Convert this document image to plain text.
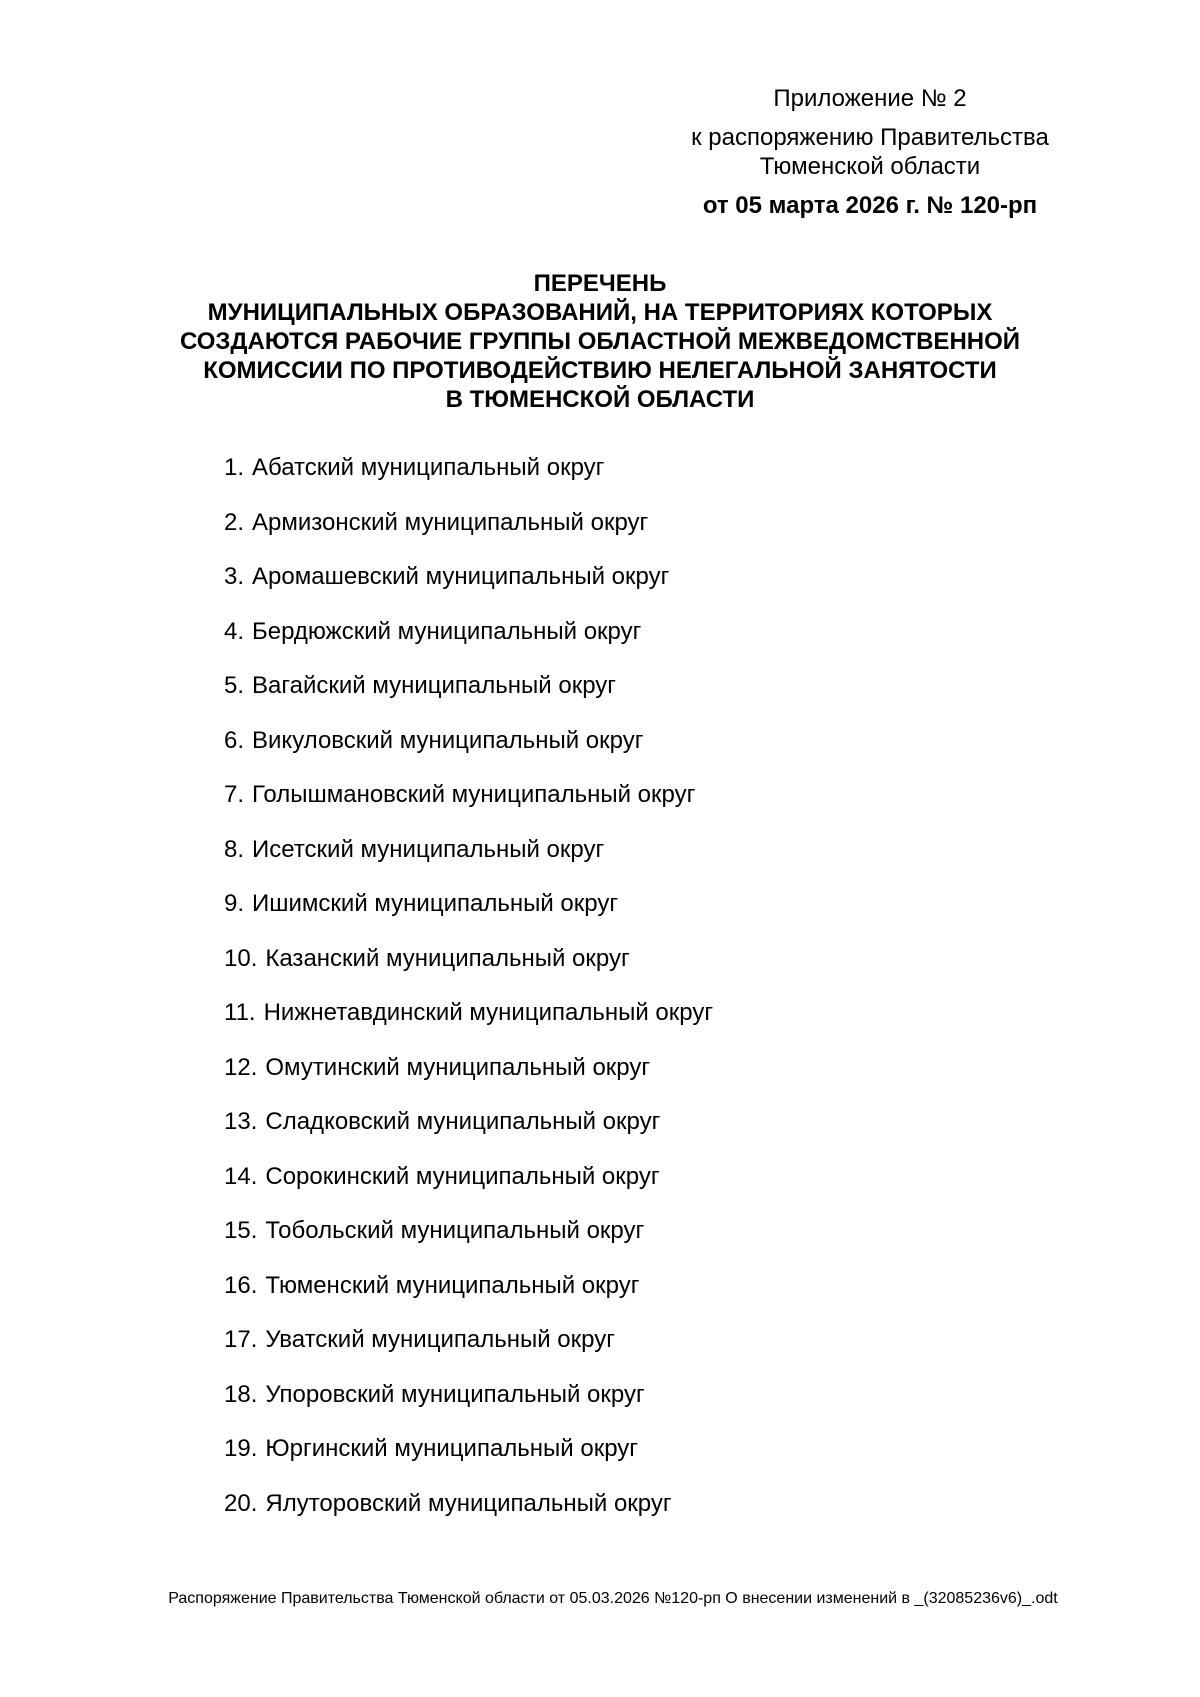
Приложение № 2
к распоряжению Правительства
Тюменской области
от 05 марта 2026 г. № 120-рп
ПЕРЕЧЕНЬ
МУНИЦИПАЛЬНЫХ ОБРАЗОВАНИЙ, НА ТЕРРИТОРИЯХ КОТОРЫХ
СОЗДАЮТСЯ РАБОЧИЕ ГРУППЫ ОБЛАСТНОЙ МЕЖВЕДОМСТВЕННОЙ
КОМИССИИ ПО ПРОТИВОДЕЙСТВИЮ НЕЛЕГАЛЬНОЙ ЗАНЯТОСТИ
В ТЮМЕНСКОЙ ОБЛАСТИ
1. Абатский муниципальный округ
2. Армизонский муниципальный округ
3. Аромашевский муниципальный округ
4. Бердюжский муниципальный округ
5. Вагайский муниципальный округ
6. Викуловский муниципальный округ
7. Голышмановский муниципальный округ
8. Исетский муниципальный округ
9. Ишимский муниципальный округ
10. Казанский муниципальный округ
11. Нижнетавдинский муниципальный округ
12. Омутинский муниципальный округ
13. Сладковский муниципальный округ
14. Сорокинский муниципальный округ
15. Тобольский муниципальный округ
16. Тюменский муниципальный округ
17. Уватский муниципальный округ
18. Упоровский муниципальный округ
19. Юргинский муниципальный округ
20. Ялуторовский муниципальный округ
Распоряжение Правительства Тюменской области от 05.03.2026 №120-рп О внесении изменений в _(32085236v6)_.odt
